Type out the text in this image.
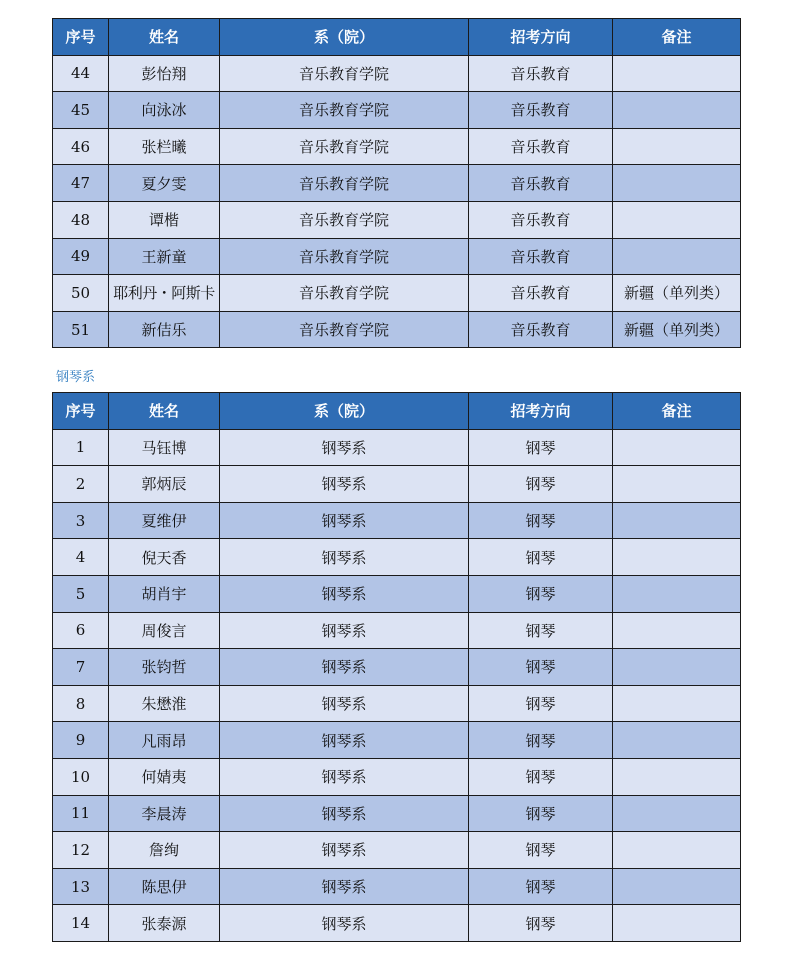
序号	姓名	系（院）	招考方向	备注
44	彭怡翔	音乐教育学院	音乐教育	
45	向泳冰	音乐教育学院	音乐教育	
46	张栏曦	音乐教育学院	音乐教育	
47	夏夕雯	音乐教育学院	音乐教育	
48	谭楷	音乐教育学院	音乐教育	
49	王新童	音乐教育学院	音乐教育	
50	耶利丹・阿斯卡	音乐教育学院	音乐教育	新疆（单列类）
51	新佶乐	音乐教育学院	音乐教育	新疆（单列类）
钢琴系
序号	姓名	系（院）	招考方向	备注
1	马钰博	钢琴系	钢琴	
2	郭炳辰	钢琴系	钢琴	
3	夏维伊	钢琴系	钢琴	
4	倪天香	钢琴系	钢琴	
5	胡肖宇	钢琴系	钢琴	
6	周俊言	钢琴系	钢琴	
7	张钧哲	钢琴系	钢琴	
8	朱懋淮	钢琴系	钢琴	
9	凡雨昂	钢琴系	钢琴	
10	何婧夷	钢琴系	钢琴	
11	李晨涛	钢琴系	钢琴	
12	詹绚	钢琴系	钢琴	
13	陈思伊	钢琴系	钢琴	
14	张泰源	钢琴系	钢琴	
